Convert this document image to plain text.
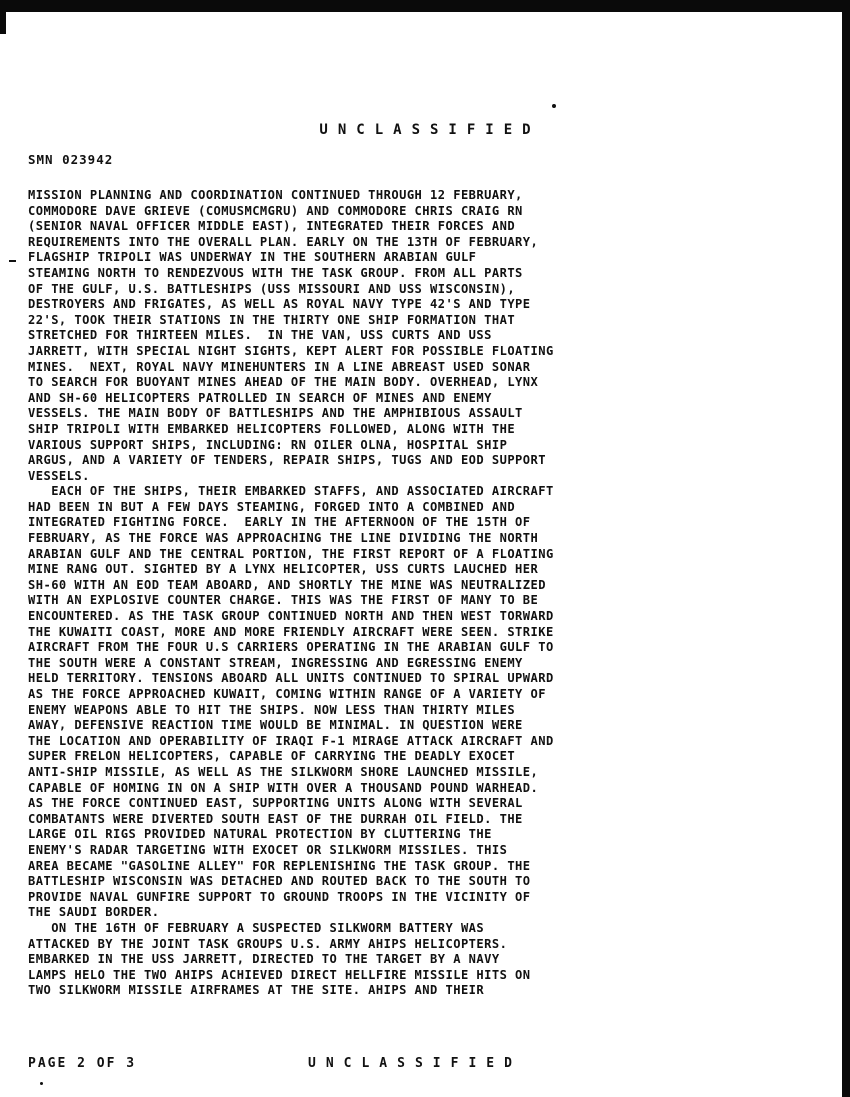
UNCLASSIFIED
SMN 023942
MISSION PLANNING AND COORDINATION CONTINUED THROUGH 12 FEBRUARY,
COMMODORE DAVE GRIEVE (COMUSMCMGRU) AND COMMODORE CHRIS CRAIG RN
(SENIOR NAVAL OFFICER MIDDLE EAST), INTEGRATED THEIR FORCES AND
REQUIREMENTS INTO THE OVERALL PLAN. EARLY ON THE 13TH OF FEBRUARY,
FLAGSHIP TRIPOLI WAS UNDERWAY IN THE SOUTHERN ARABIAN GULF
STEAMING NORTH TO RENDEZVOUS WITH THE TASK GROUP. FROM ALL PARTS
OF THE GULF, U.S. BATTLESHIPS (USS MISSOURI AND USS WISCONSIN),
DESTROYERS AND FRIGATES, AS WELL AS ROYAL NAVY TYPE 42'S AND TYPE
22'S, TOOK THEIR STATIONS IN THE THIRTY ONE SHIP FORMATION THAT
STRETCHED FOR THIRTEEN MILES.  IN THE VAN, USS CURTS AND USS
JARRETT, WITH SPECIAL NIGHT SIGHTS, KEPT ALERT FOR POSSIBLE FLOATING
MINES.  NEXT, ROYAL NAVY MINEHUNTERS IN A LINE ABREAST USED SONAR
TO SEARCH FOR BUOYANT MINES AHEAD OF THE MAIN BODY. OVERHEAD, LYNX
AND SH-60 HELICOPTERS PATROLLED IN SEARCH OF MINES AND ENEMY
VESSELS. THE MAIN BODY OF BATTLESHIPS AND THE AMPHIBIOUS ASSAULT
SHIP TRIPOLI WITH EMBARKED HELICOPTERS FOLLOWED, ALONG WITH THE
VARIOUS SUPPORT SHIPS, INCLUDING: RN OILER OLNA, HOSPITAL SHIP
ARGUS, AND A VARIETY OF TENDERS, REPAIR SHIPS, TUGS AND EOD SUPPORT
VESSELS.
EACH OF THE SHIPS, THEIR EMBARKED STAFFS, AND ASSOCIATED AIRCRAFT
HAD BEEN IN BUT A FEW DAYS STEAMING, FORGED INTO A COMBINED AND
INTEGRATED FIGHTING FORCE.  EARLY IN THE AFTERNOON OF THE 15TH OF
FEBRUARY, AS THE FORCE WAS APPROACHING THE LINE DIVIDING THE NORTH
ARABIAN GULF AND THE CENTRAL PORTION, THE FIRST REPORT OF A FLOATING
MINE RANG OUT. SIGHTED BY A LYNX HELICOPTER, USS CURTS LAUCHED HER
SH-60 WITH AN EOD TEAM ABOARD, AND SHORTLY THE MINE WAS NEUTRALIZED
WITH AN EXPLOSIVE COUNTER CHARGE. THIS WAS THE FIRST OF MANY TO BE
ENCOUNTERED. AS THE TASK GROUP CONTINUED NORTH AND THEN WEST TORWARD
THE KUWAITI COAST, MORE AND MORE FRIENDLY AIRCRAFT WERE SEEN. STRIKE
AIRCRAFT FROM THE FOUR U.S CARRIERS OPERATING IN THE ARABIAN GULF TO
THE SOUTH WERE A CONSTANT STREAM, INGRESSING AND EGRESSING ENEMY
HELD TERRITORY. TENSIONS ABOARD ALL UNITS CONTINUED TO SPIRAL UPWARD
AS THE FORCE APPROACHED KUWAIT, COMING WITHIN RANGE OF A VARIETY OF
ENEMY WEAPONS ABLE TO HIT THE SHIPS. NOW LESS THAN THIRTY MILES
AWAY, DEFENSIVE REACTION TIME WOULD BE MINIMAL. IN QUESTION WERE
THE LOCATION AND OPERABILITY OF IRAQI F-1 MIRAGE ATTACK AIRCRAFT AND
SUPER FRELON HELICOPTERS, CAPABLE OF CARRYING THE DEADLY EXOCET
ANTI-SHIP MISSILE, AS WELL AS THE SILKWORM SHORE LAUNCHED MISSILE,
CAPABLE OF HOMING IN ON A SHIP WITH OVER A THOUSAND POUND WARHEAD.
AS THE FORCE CONTINUED EAST, SUPPORTING UNITS ALONG WITH SEVERAL
COMBATANTS WERE DIVERTED SOUTH EAST OF THE DURRAH OIL FIELD. THE
LARGE OIL RIGS PROVIDED NATURAL PROTECTION BY CLUTTERING THE
ENEMY'S RADAR TARGETING WITH EXOCET OR SILKWORM MISSILES. THIS
AREA BECAME "GASOLINE ALLEY" FOR REPLENISHING THE TASK GROUP. THE
BATTLESHIP WISCONSIN WAS DETACHED AND ROUTED BACK TO THE SOUTH TO
PROVIDE NAVAL GUNFIRE SUPPORT TO GROUND TROOPS IN THE VICINITY OF
THE SAUDI BORDER.
ON THE 16TH OF FEBRUARY A SUSPECTED SILKWORM BATTERY WAS
ATTACKED BY THE JOINT TASK GROUPS U.S. ARMY AHIPS HELICOPTERS.
EMBARKED IN THE USS JARRETT, DIRECTED TO THE TARGET BY A NAVY
LAMPS HELO THE TWO AHIPS ACHIEVED DIRECT HELLFIRE MISSILE HITS ON
TWO SILKWORM MISSILE AIRFRAMES AT THE SITE. AHIPS AND THEIR
PAGE 2 OF 3	UNCLASSIFIED
